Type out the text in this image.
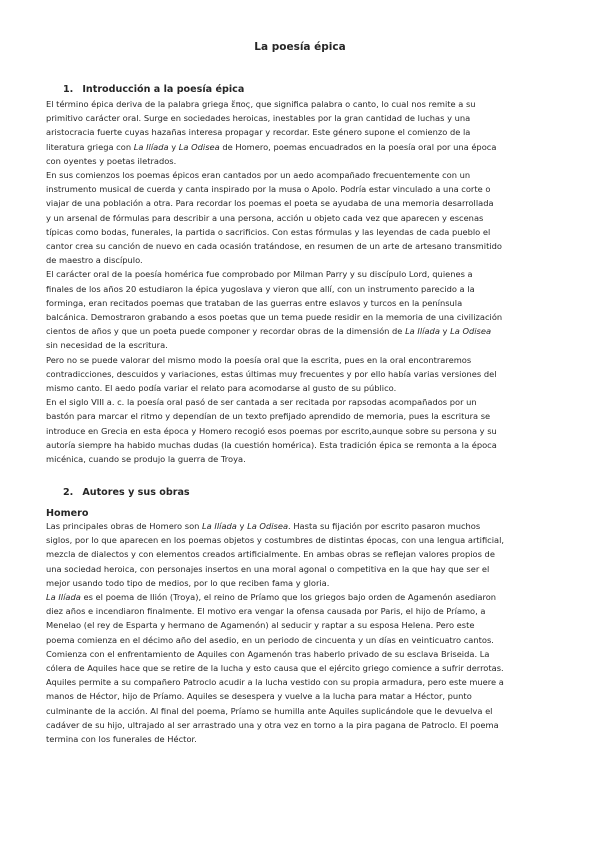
La poesía épica
1. Introducción a la poesía épica
El término épica deriva de la palabra griega ἔπος, que significa palabra o canto, lo cual nos remite a su
primitivo carácter oral. Surge en sociedades heroicas, inestables por la gran cantidad de luchas y una
aristocracia fuerte cuyas hazañas interesa propagar y recordar. Este género supone el comienzo de la
literatura griega con La Ilíada y La Odisea de Homero, poemas encuadrados en la poesía oral por una época
con oyentes y poetas iletrados.
En sus comienzos los poemas épicos eran cantados por un aedo acompañado frecuentemente con un
instrumento musical de cuerda y canta inspirado por la musa o Apolo. Podría estar vinculado a una corte o
viajar de una población a otra. Para recordar los poemas el poeta se ayudaba de una memoria desarrollada
y un arsenal de fórmulas para describir a una persona, acción u objeto cada vez que aparecen y escenas
típicas como bodas, funerales, la partida o sacrificios. Con estas fórmulas y las leyendas de cada pueblo el
cantor crea su canción de nuevo en cada ocasión tratándose, en resumen de un arte de artesano transmitido
de maestro a discípulo.
El carácter oral de la poesía homérica fue comprobado por Milman Parry y su discípulo Lord, quienes a
finales de los años 20 estudiaron la épica yugoslava y vieron que allí, con un instrumento parecido a la
forminga, eran recitados poemas que trataban de las guerras entre eslavos y turcos en la península
balcánica. Demostraron grabando a esos poetas que un tema puede residir en la memoria de una civilización
cientos de años y que un poeta puede componer y recordar obras de la dimensión de La Ilíada y La Odisea
sin necesidad de la escritura.
Pero no se puede valorar del mismo modo la poesía oral que la escrita, pues en la oral encontraremos
contradicciones, descuidos y variaciones, estas últimas muy frecuentes y por ello había varias versiones del
mismo canto. El aedo podía variar el relato para acomodarse al gusto de su público.
En el siglo VIII a. c. la poesía oral pasó de ser cantada a ser recitada por rapsodas acompañados por un
bastón para marcar el ritmo y dependían de un texto prefijado aprendido de memoria, pues la escritura se
introduce en Grecia en esta época y Homero recogió esos poemas por escrito,aunque sobre su persona y su
autoría siempre ha habido muchas dudas (la cuestión homérica). Esta tradición épica se remonta a la época
micénica, cuando se produjo la guerra de Troya.
2. Autores y sus obras
Homero
Las principales obras de Homero son La Ilíada y La Odisea. Hasta su fijación por escrito pasaron muchos
siglos, por lo que aparecen en los poemas objetos y costumbres de distintas épocas, con una lengua artificial,
mezcla de dialectos y con elementos creados artificialmente. En ambas obras se reflejan valores propios de
una sociedad heroica, con personajes insertos en una moral agonal o competitiva en la que hay que ser el
mejor usando todo tipo de medios, por lo que reciben fama y gloria.
La Ilíada es el poema de Ilión (Troya), el reino de Príamo que los griegos bajo orden de Agamenón asediaron
diez años e incendiaron finalmente. El motivo era vengar la ofensa causada por Paris, el hijo de Príamo, a
Menelao (el rey de Esparta y hermano de Agamenón) al seducir y raptar a su esposa Helena. Pero este
poema comienza en el décimo año del asedio, en un periodo de cincuenta y un días en veinticuatro cantos.
Comienza con el enfrentamiento de Aquiles con Agamenón tras haberlo privado de su esclava Briseida. La
cólera de Aquiles hace que se retire de la lucha y esto causa que el ejército griego comience a sufrir derrotas.
Aquiles permite a su compañero Patroclo acudir a la lucha vestido con su propia armadura, pero este muere a
manos de Héctor, hijo de Príamo. Aquiles se desespera y vuelve a la lucha para matar a Héctor, punto
culminante de la acción. Al final del poema, Príamo se humilla ante Aquiles suplicándole que le devuelva el
cadáver de su hijo, ultrajado al ser arrastrado una y otra vez en torno a la pira pagana de Patroclo. El poema
termina con los funerales de Héctor.
